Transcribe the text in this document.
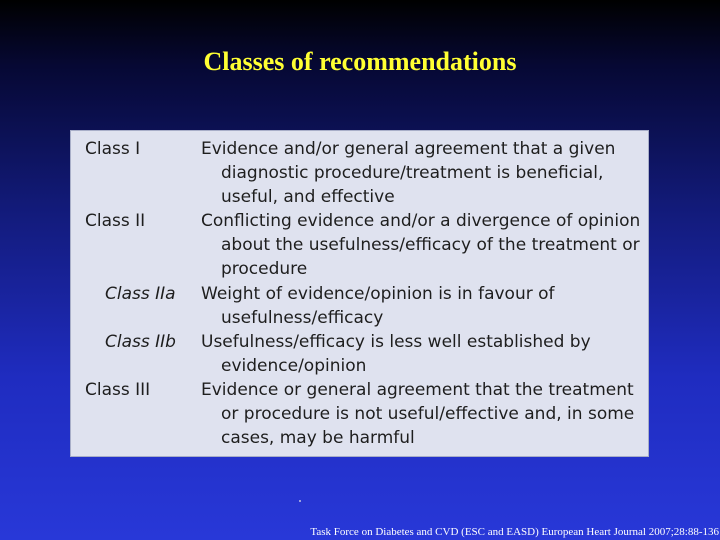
Classes of recommendations
Class I	Evidence and/or general agreement that a given
diagnostic procedure/treatment is beneficial,
useful, and effective
Class II	Conflicting evidence and/or a divergence of opinion
about the usefulness/efficacy of the treatment or
procedure
Class IIa Weight of evidence/opinion is in favour of
usefulness/efficacy
Class IIb Usefulness/efficacy is less well established by
evidence/opinion
Class III	Evidence or general agreement that the treatment
or procedure is not useful/effective and, in some
cases, may be harmful
Task Force on Diabetes and CVD (ESC and EASD) European Heart Journal 2007;28:88-136
